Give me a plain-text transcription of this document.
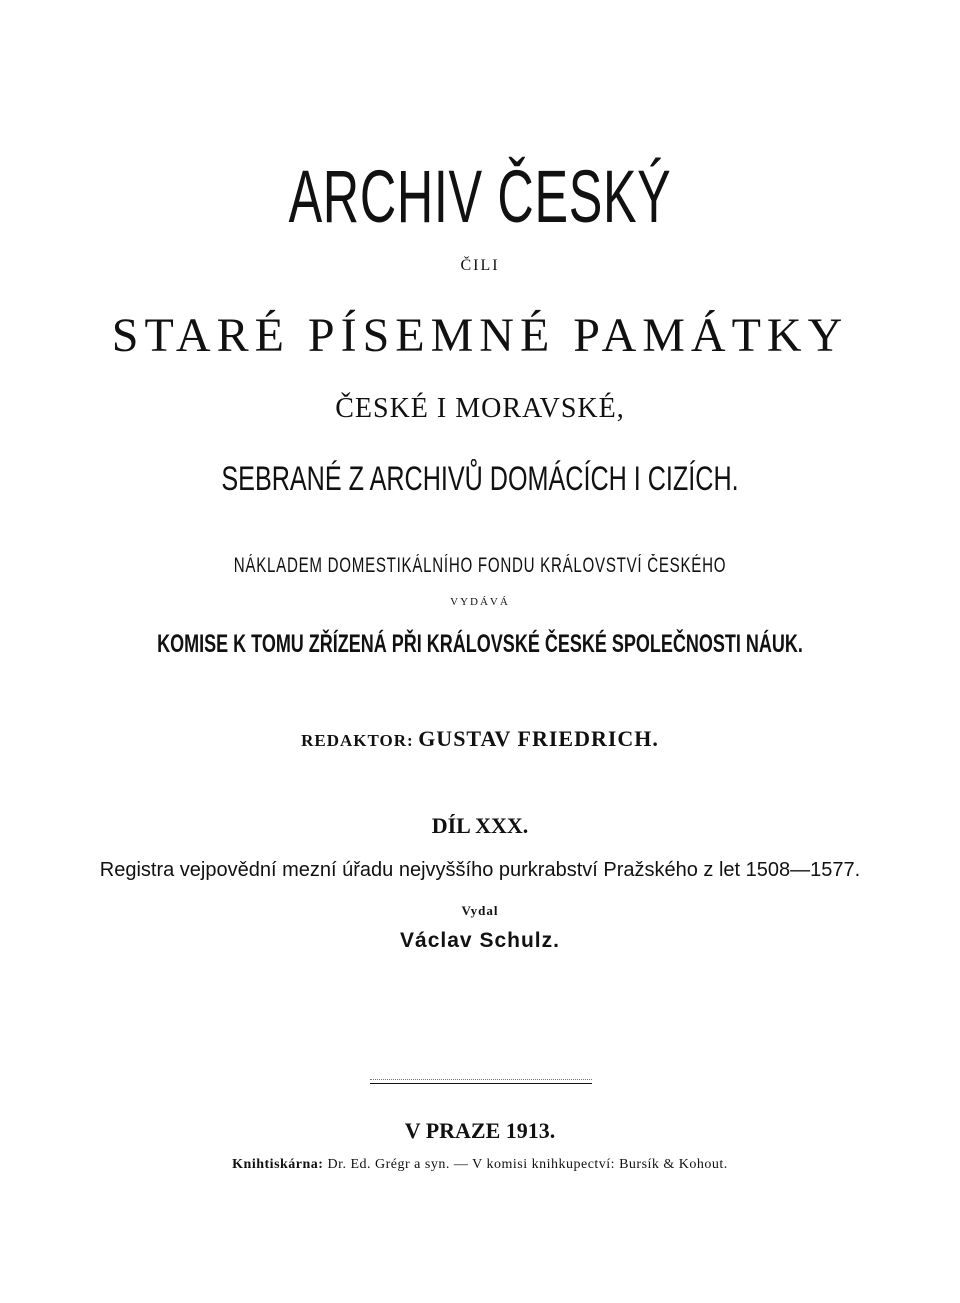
ARCHIV ČESKÝ
ČILI
STARÉ PÍSEMNÉ PAMÁTKY
ČESKÉ I MORAVSKÉ,
SEBRANÉ Z ARCHIVŮ DOMÁCÍCH I CIZÍCH.
NÁKLADEM DOMESTIKÁLNÍHO FONDU KRÁLOVSTVÍ ČESKÉHO
VYDÁVÁ
KOMISE K TOMU ZŘÍZENÁ PŘI KRÁLOVSKÉ ČESKÉ SPOLEČNOSTI NÁUK.
REDAKTOR: GUSTAV FRIEDRICH.
DÍL XXX.
Registra vejpovědní mezní úřadu nejvyššího purkrabství Pražského z let 1508—1577.
Vydal
Václav Schulz.
V PRAZE 1913.
Knihtiskárna: Dr. Ed. Grégr a syn. — V komisi knihkupectví: Bursík & Kohout.
